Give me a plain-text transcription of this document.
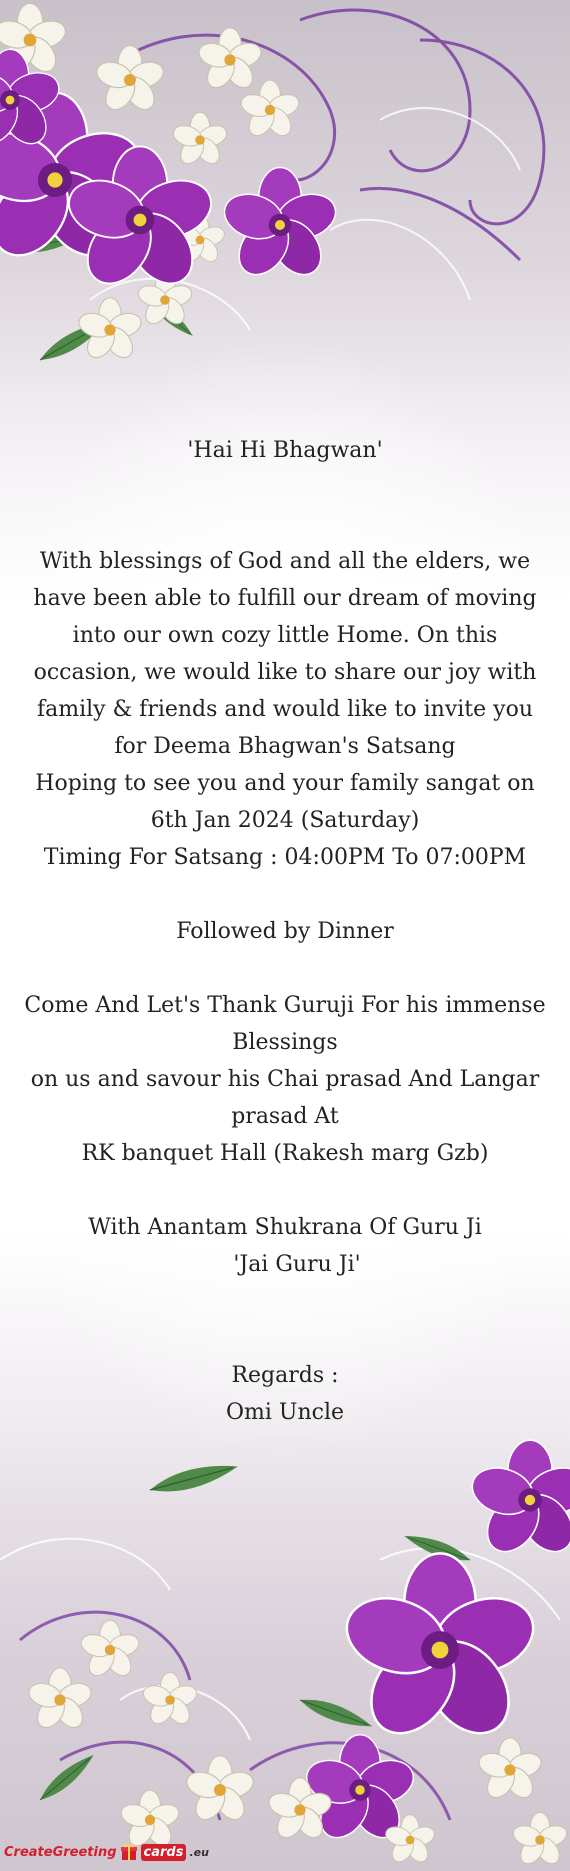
'Hai Hi Bhagwan'

With blessings of God and all the elders, we have been able to fulfill our dream of moving into our own cozy little Home. On this occasion, we would like to share our joy with family & friends and would like to invite you for Deema Bhagwan's Satsang

Hoping to see you and your family sangat on 6th Jan 2024 (Saturday)

Timing For Satsang : 04:00PM To 07:00PM

Followed by Dinner

Come And Let's Thank Guruji For his immense Blessings

on us and savour his Chai prasad And Langar prasad At

RK banquet Hall (Rakesh marg Gzb)

With Anantam Shukrana Of Guru Ji

'Jai Guru Ji'

Regards :

Omi Uncle

CreateGreeting cards .eu
